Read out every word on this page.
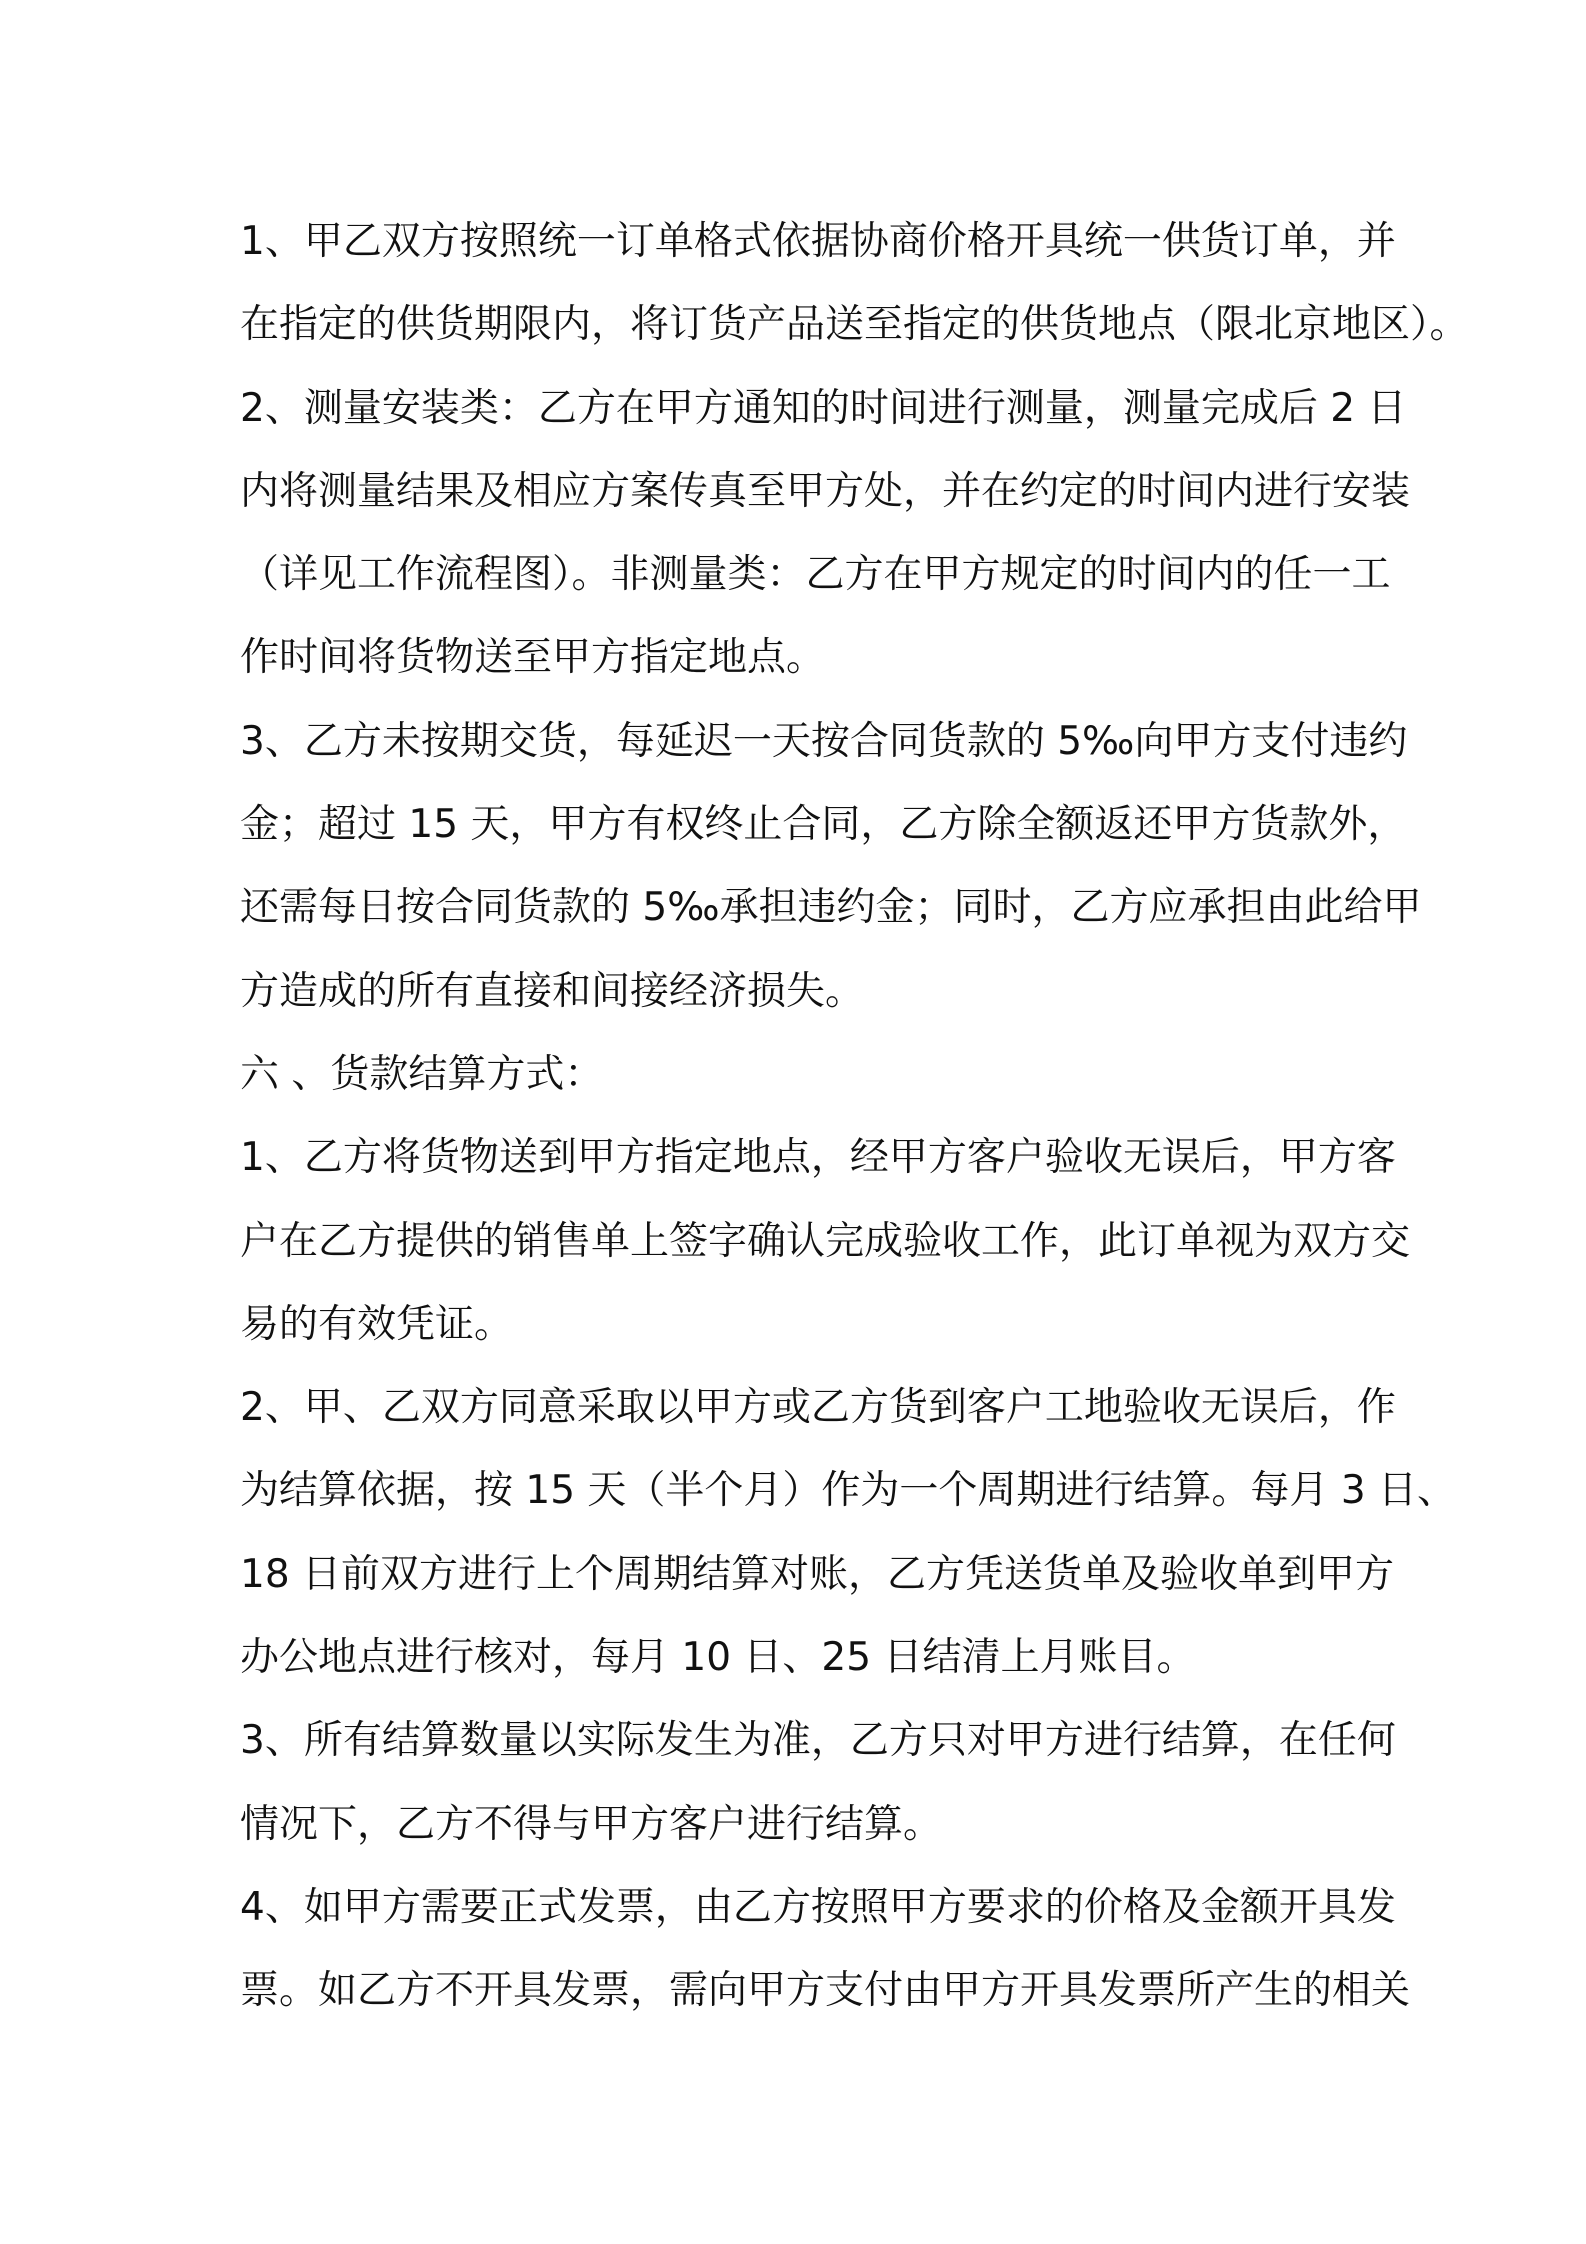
1、甲乙双方按照统一订单格式依据协商价格开具统一供货订单，并
在指定的供货期限内，将订货产品送至指定的供货地点（限北京地区）。
2、测量安装类：乙方在甲方通知的时间进行测量，测量完成后 2 日
内将测量结果及相应方案传真至甲方处，并在约定的时间内进行安装
（详见工作流程图）。非测量类：乙方在甲方规定的时间内的任一工
作时间将货物送至甲方指定地点。
3、乙方未按期交货，每延迟一天按合同货款的 5‰向甲方支付违约
金；超过 15 天，甲方有权终止合同，乙方除全额返还甲方货款外，
还需每日按合同货款的 5‰承担违约金；同时，乙方应承担由此给甲
方造成的所有直接和间接经济损失。
六 、货款结算方式：
1、乙方将货物送到甲方指定地点，经甲方客户验收无误后，甲方客
户在乙方提供的销售单上签字确认完成验收工作，此订单视为双方交
易的有效凭证。
2、甲、乙双方同意采取以甲方或乙方货到客户工地验收无误后，作
为结算依据，按 15 天（半个月）作为一个周期进行结算。每月 3 日、
18 日前双方进行上个周期结算对账，乙方凭送货单及验收单到甲方
办公地点进行核对，每月 10 日、25 日结清上月账目。
3、所有结算数量以实际发生为准，乙方只对甲方进行结算，在任何
情况下，乙方不得与甲方客户进行结算。
4、如甲方需要正式发票，由乙方按照甲方要求的价格及金额开具发
票。如乙方不开具发票，需向甲方支付由甲方开具发票所产生的相关
